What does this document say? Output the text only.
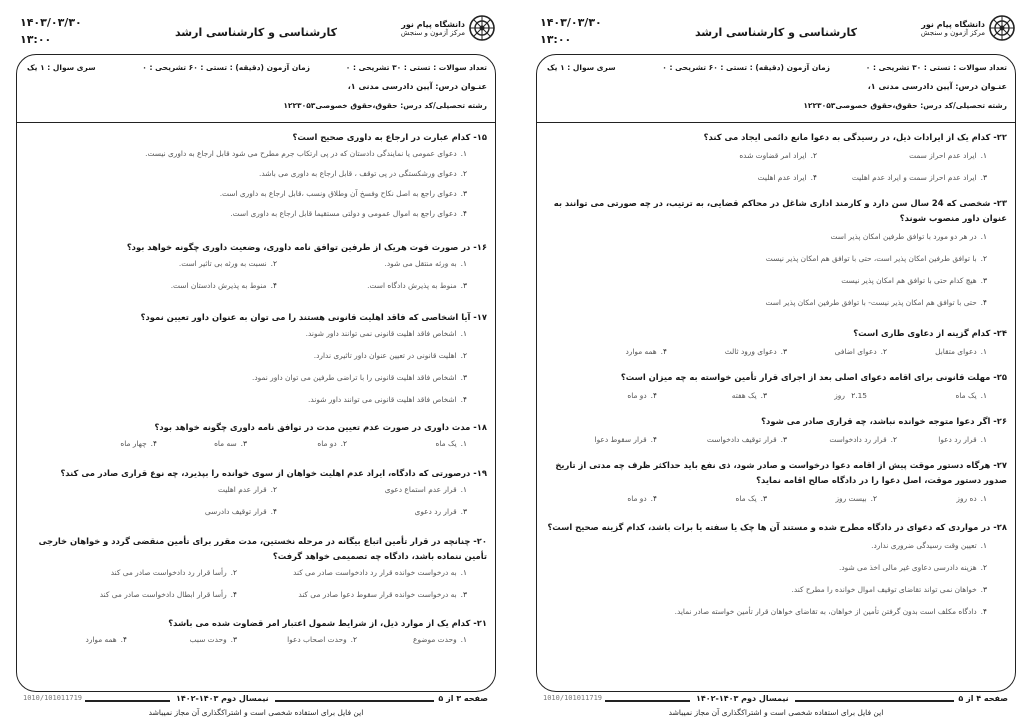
۱۴۰۳/۰۳/۳۰
۱۳:۰۰
کارشناسی و کارشناسی ارشد
دانشگاه پیام نور
مرکز آزمون و سنجش
تعداد سوالات : تستی : ۳۰ تشریحی : ۰
زمان آزمون (دقیقه) : تستی : ۶۰ تشریحی : ۰
سری سوال : ۱ یک
عنـوان درس: آیین دادرسی مدنی ۱،
رشته تحصیلی/کد درس: حقوق،حقوق خصوصی۱۲۲۳۰۵۳
۱۵- کدام عبارت در ارجاع به داوری صحیح است؟
۱.دعوای عمومی یا نمایندگی دادستان که در پی ارتکاب جرم مطرح می شود قابل ارجاع به داوری نیست.
۲.دعوای ورشکستگی در پی توقف ، قابل ارجاع به داوری می باشد.
۳.دعوای راجع به اصل نکاح وفسخ آن وطلاق ونسب ،قابل ارجاع به داوری است.
۴.دعوای راجع به اموال عمومی و دولتی مستقیما قابل ارجاع به داوری است.
۱۶- در صورت فوت هریک از طرفین توافق نامه داوری، وضعیت داوری چگونه خواهد بود؟
۱.به ورثه منتقل می شود.
۲.نسبت به ورثه بی تاثیر است.
۳.منوط به پذیرش دادگاه است.
۴.منوط به پذیرش دادستان است.
۱۷- آیا اشخاصی که فاقد اهلیت قانونی هستند را می توان به عنوان داور تعیین نمود؟
۱.اشخاص فاقد اهلیت قانونی نمی توانند داور شوند.
۲.اهلیت قانونی در تعیین عنوان داور تاثیری ندارد.
۳.اشخاص فاقد اهلیت قانونی را با تراضی طرفین می توان داور نمود.
۴.اشخاص فاقد اهلیت قانونی می توانند داور شوند.
۱۸- مدت داوری در صورت عدم تعیین مدت در توافق نامه داوری چگونه خواهد بود؟
۱.یک ماه
۲.دو ماه
۳.سه ماه
۴.چهار ماه
۱۹- درصورتی که دادگاه، ایراد عدم اهلیت خواهان از سوی خوانده را بپذیرد، چه نوع قراری صادر می کند؟
۱.قرار عدم استماع دعوی
۲.قرار عدم اهلیت
۳.قرار رد دعوی
۴.قرار توقیف دادرسی
۲۰- چنانچه در قرار تأمین اتباع بیگانه در مرحله نخستین، مدت مقرر برای تأمین منقضی گردد و خواهان خارجی تأمین ننماده باشد، دادگاه چه تصمیمی خواهد گرفت؟
۱.به درخواست خوانده قرار رد دادخواست صادر می کند
۲.رأسا قرار رد دادخواست صادر می کند
۳.به درخواست خوانده قرار سقوط دعوا صادر می کند
۴.رأسا قرار ابطال دادخواست صادر می کند
۲۱- کدام یک از موارد ذیل، از شرایط شمول اعتبار امر قضاوت شده می باشد؟
۱.وحدت موضوع
۲.وحدت اصحاب دعوا
۳.وحدت سبب
۴.همه موارد
صفحه ۳ از ۵
نیمسال دوم ۱۴۰۳-۱۴۰۲
1010/101011719
این فایل برای استفاده شخصی است و اشتراکگذاری آن مجاز نمیباشد
۱۴۰۳/۰۳/۳۰
۱۳:۰۰
کارشناسی و کارشناسی ارشد
دانشگاه پیام نور
مرکز آزمون و سنجش
تعداد سوالات : تستی : ۳۰ تشریحی : ۰
زمان آزمون (دقیقه) : تستی : ۶۰ تشریحی : ۰
سری سوال : ۱ یک
عنـوان درس: آیین دادرسی مدنی ۱،
رشته تحصیلی/کد درس: حقوق،حقوق خصوصی۱۲۲۳۰۵۳
۲۲- کدام یک از ایرادات ذیل، در رسیدگی به دعوا مانع دائمی ایجاد می کند؟
۱.ایراد عدم احراز سمت
۲.ایراد امر قضاوت شده
۳.ایراد عدم احراز سمت و ایراد عدم اهلیت
۴.ایراد عدم اهلیت
۲۳- شخصی که 24 سال سن دارد و کارمند اداری شاغل در محاکم قضایی، به ترتیب، در چه صورتی می توانند به عنوان داور منصوب شوند؟
۱.در هر دو مورد با توافق طرفین امکان پذیر است
۲.با توافق طرفین امکان پذیر است، حتی با توافق هم امکان پذیر نیست
۳.هیچ کدام حتی با توافق هم امکان پذیر نیست
۴.حتی با توافق هم امکان پذیر نیست- با توافق طرفین امکان پذیر است
۲۴- کدام گزینه از دعاوی طاری است؟
۱.دعوای متقابل
۲.دعوای اضافی
۳.دعوای ورود ثالث
۴.همه موارد
۲۵- مهلت قانونی برای اقامه دعوای اصلی بعد از اجرای قرار تأمین خواسته به چه میزان است؟
۱.یک ماه
۲.15 روز
۳.یک هفته
۴.دو ماه
۲۶- اگر دعوا متوجه خوانده نباشد، چه قراری صادر می شود؟
۱.قرار رد دعوا
۲.قرار رد دادخواست
۳.قرار توقیف دادخواست
۴.قرار سقوط دعوا
۲۷- هرگاه دستور موقت پیش از اقامه دعوا درخواست و صادر شود، ذی نفع باید حداکثر ظرف چه مدتی از تاریخ صدور دستور موقت، اصل دعوا را در دادگاه صالح اقامه نماید؟
۱.ده روز
۲.بیست روز
۳.یک ماه
۴.دو ماه
۲۸- در مواردی که دعوای در دادگاه مطرح شده و مستند آن ها چک یا سفته یا برات باشد، کدام گزینه صحیح است؟
۱.تعیین وقت رسیدگی ضروری ندارد.
۲.هزینه دادرسی دعاوی غیر مالی اخذ می شود.
۳.خواهان نمی تواند تقاضای توقیف اموال خوانده را مطرح کند.
۴.دادگاه مکلف است بدون گرفتن تأمین از خواهان، به تقاضای خواهان قرار تأمین خواسته صادر نماید.
صفحه ۴ از ۵
نیمسال دوم ۱۴۰۳-۱۴۰۲
1010/101011719
این فایل برای استفاده شخصی است و اشتراکگذاری آن مجاز نمیباشد
